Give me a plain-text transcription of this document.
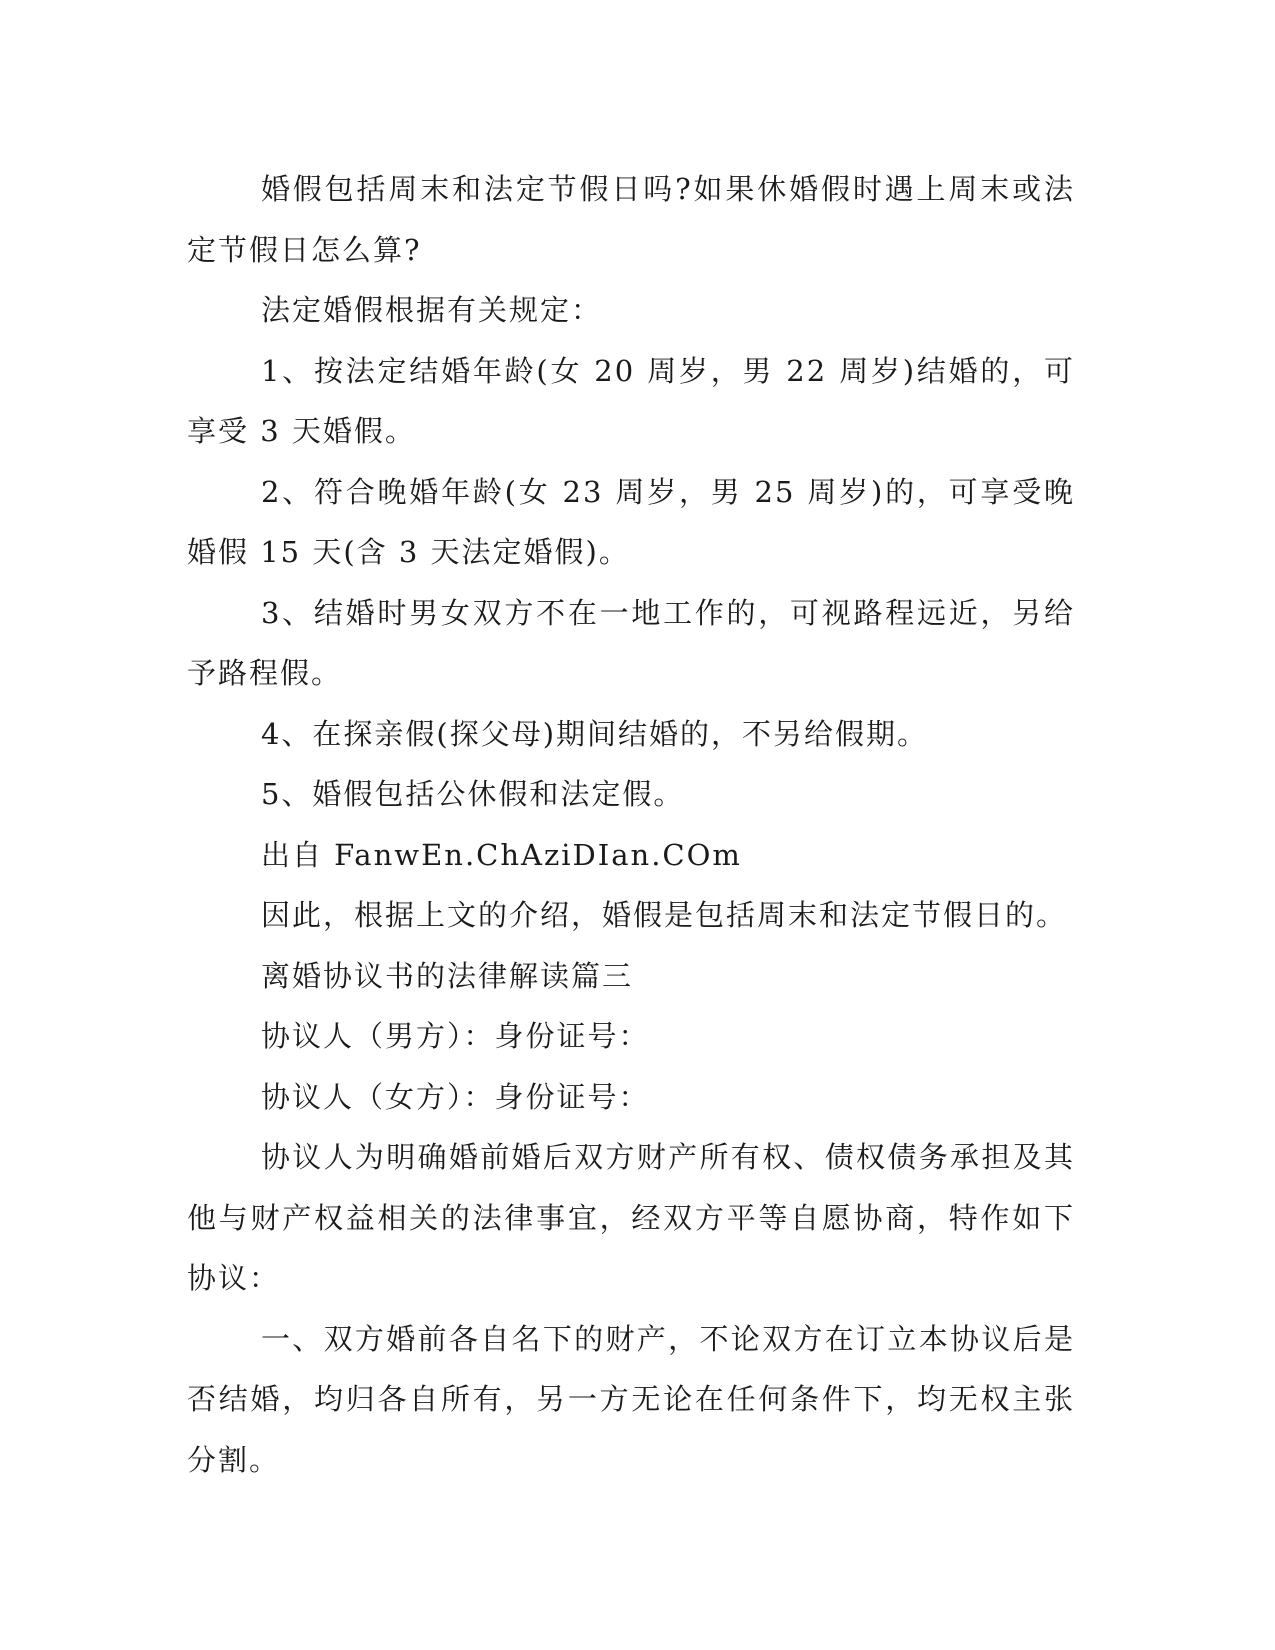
婚假包括周末和法定节假日吗?如果休婚假时遇上周末或法定节假日怎么算?

法定婚假根据有关规定：

1、按法定结婚年龄(女 20 周岁，男 22 周岁)结婚的，可享受 3 天婚假。

2、符合晚婚年龄(女 23 周岁，男 25 周岁)的，可享受晚婚假 15 天(含 3 天法定婚假)。

3、结婚时男女双方不在一地工作的，可视路程远近，另给予路程假。

4、在探亲假(探父母)期间结婚的，不另给假期。

5、婚假包括公休假和法定假。

出自 FanwEn.ChAziDIan.COm

因此，根据上文的介绍，婚假是包括周末和法定节假日的。

离婚协议书的法律解读篇三

协议人（男方）：身份证号：

协议人（女方）：身份证号：

协议人为明确婚前婚后双方财产所有权、债权债务承担及其他与财产权益相关的法律事宜，经双方平等自愿协商，特作如下协议：

一、双方婚前各自名下的财产，不论双方在订立本协议后是否结婚，均归各自所有，另一方无论在任何条件下，均无权主张分割。
